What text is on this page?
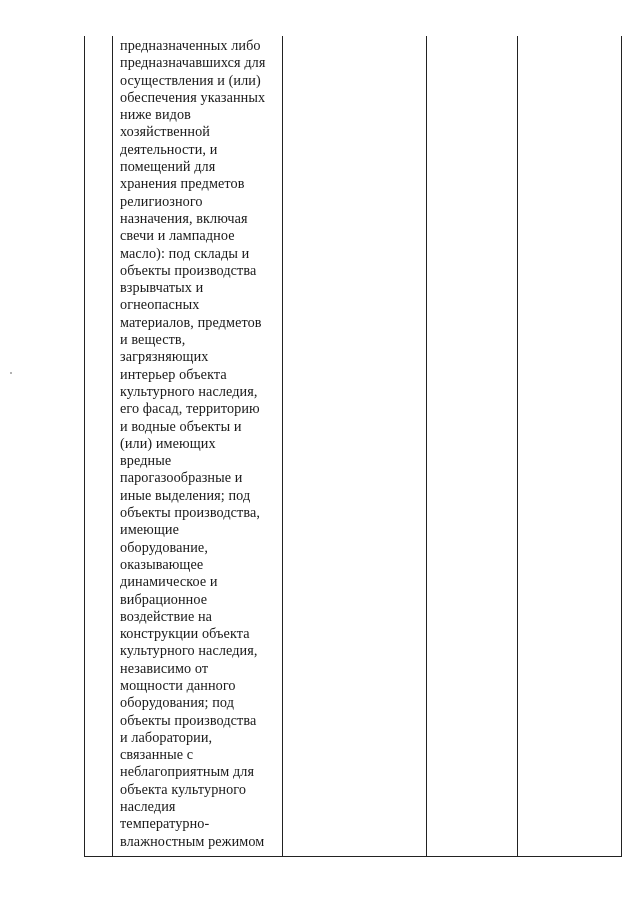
предназначенных либо
предназначавшихся для
осуществления и (или)
обеспечения указанных
ниже видов
хозяйственной
деятельности, и
помещений для
хранения предметов
религиозного
назначения, включая
свечи и лампадное
масло): под склады и
объекты производства
взрывчатых и
огнеопасных
материалов, предметов
и веществ,
загрязняющих
интерьер объекта
культурного наследия,
его фасад, территорию
и водные объекты и
(или) имеющих
вредные
парогазообразные и
иные выделения; под
объекты производства,
имеющие
оборудование,
оказывающее
динамическое и
вибрационное
воздействие на
конструкции объекта
культурного наследия,
независимо от
мощности данного
оборудования; под
объекты производства
и лаборатории,
связанные с
неблагоприятным для
объекта культурного
наследия
температурно-
влажностным режимом
